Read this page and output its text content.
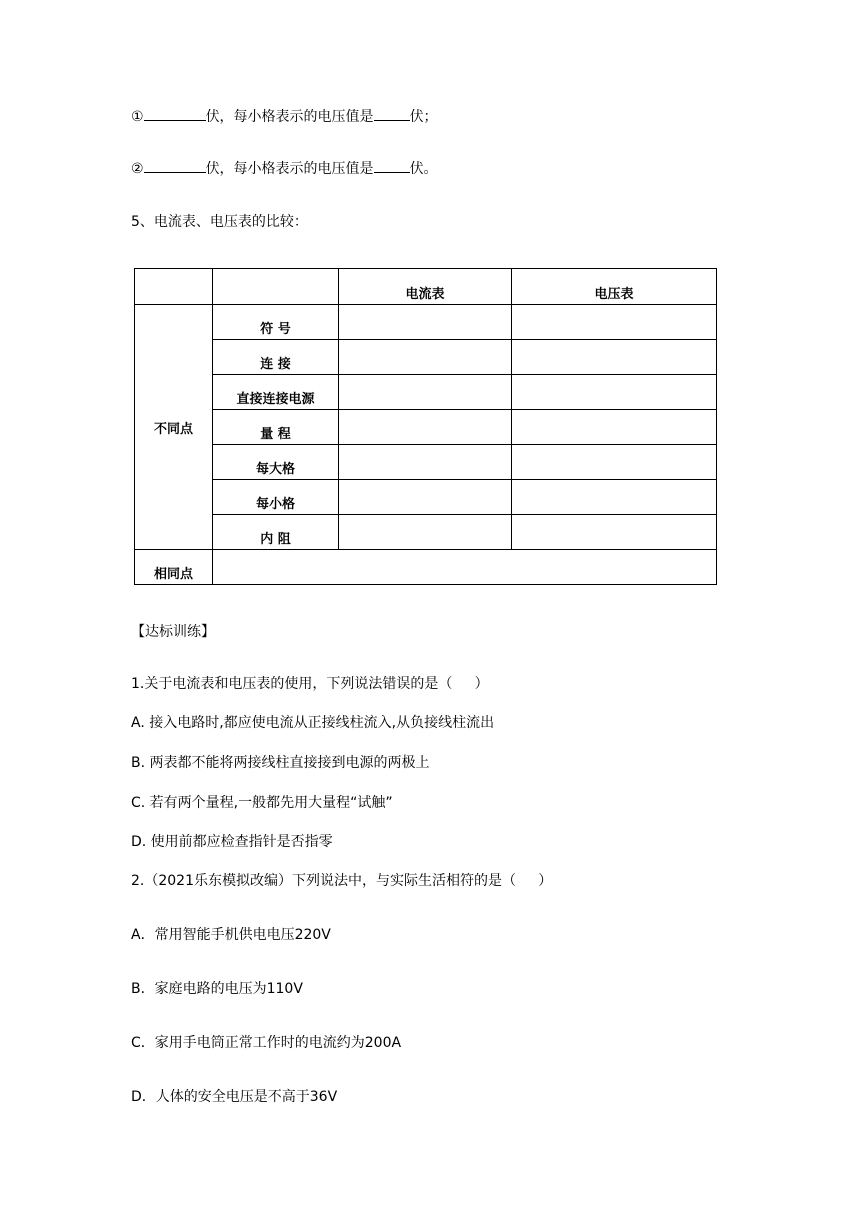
①	伏，每小格表示的电压值是	伏；
②	伏，每小格表示的电压值是	伏。
5、电流表、电压表的比较：
		电流表	电压表
不同点	符 号		
	连 接		
	直接连接电源		
	量 程		
	每大格		
	每小格		
	内 阻		
相同点			
【达标训练】
1.关于电流表和电压表的使用，下列说法错误的是（     ）
A. 接入电路时,都应使电流从正接线柱流入,从负接线柱流出
B. 两表都不能将两接线柱直接接到电源的两极上
C. 若有两个量程,一般都先用大量程“试触”
D. 使用前都应检查指针是否指零
2.（2021乐东模拟改编）下列说法中，与实际生活相符的是（     ）
A．常用智能手机供电电压220V
B．家庭电路的电压为110V
C．家用手电筒正常工作时的电流约为200A
D．人体的安全电压是不高于36V
